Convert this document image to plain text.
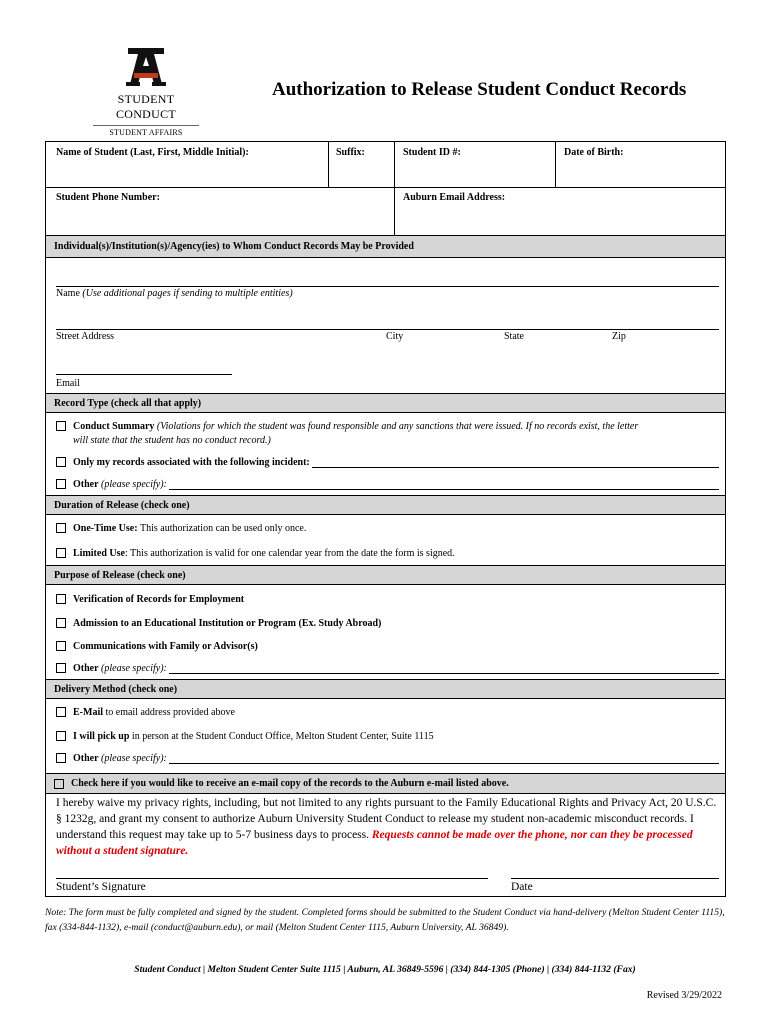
STUDENT CONDUCT
STUDENT AFFAIRS
Authorization to Release Student Conduct Records
Name of Student (Last, First, Middle Initial):	Suffix:	Student ID #:	Date of Birth:
Student Phone Number:	Auburn Email Address:
Individual(s)/Institution(s)/Agency(ies) to Whom Conduct Records May be Provided
Name (Use additional pages if sending to multiple entities)
Street Address	City	State	Zip
Email
Record Type (check all that apply)
Conduct Summary
(Violations for which the student was found responsible and any sanctions that were issued. If no records exist, the letter
will state that the student has no conduct record.)
Only my records associated with the following incident:
Other
(please specify):
Duration of Release (check one)
One-Time Use:
This authorization can be used only once.
Limited Use : This authorization is valid for one calendar year from the date the form is signed.
Purpose of Release (check one)
Verification of Records for Employment
Admission to an Educational Institution or Program (Ex. Study Abroad)
Communications with Family or Advisor(s)
Other
(please specify):
Delivery Method (check one)
E-Mail
to email address provided above
I will pick up
in person at the Student Conduct Office, Melton Student Center, Suite 1115
Other
(please specify):
Check here if you would like to receive an e-mail copy of the records to the Auburn e-mail listed above.
I hereby waive my privacy rights, including, but not limited to any rights pursuant to the Family Educational Rights and Privacy Act, 20 U.S.C. § 1232g, and grant my consent to authorize Auburn University Student Conduct to release my student non-academic misconduct records. I understand this request may take up to 5-7 business days to process. Requests cannot be made over the phone, nor can they be processed without a student signature.
Student’s Signature	Date
Note: The form must be fully completed and signed by the student. Completed forms should be submitted to the Student Conduct via hand-delivery (Melton Student Center 1115), fax (334-844-1132), e-mail (conduct@auburn.edu), or mail (Melton Student Center 1115, Auburn University, AL 36849).
Student Conduct | Melton Student Center Suite 1115 | Auburn, AL 36849-5596 | (334) 844-1305 (Phone) | (334) 844-1132 (Fax)
Revised 3/29/2022
